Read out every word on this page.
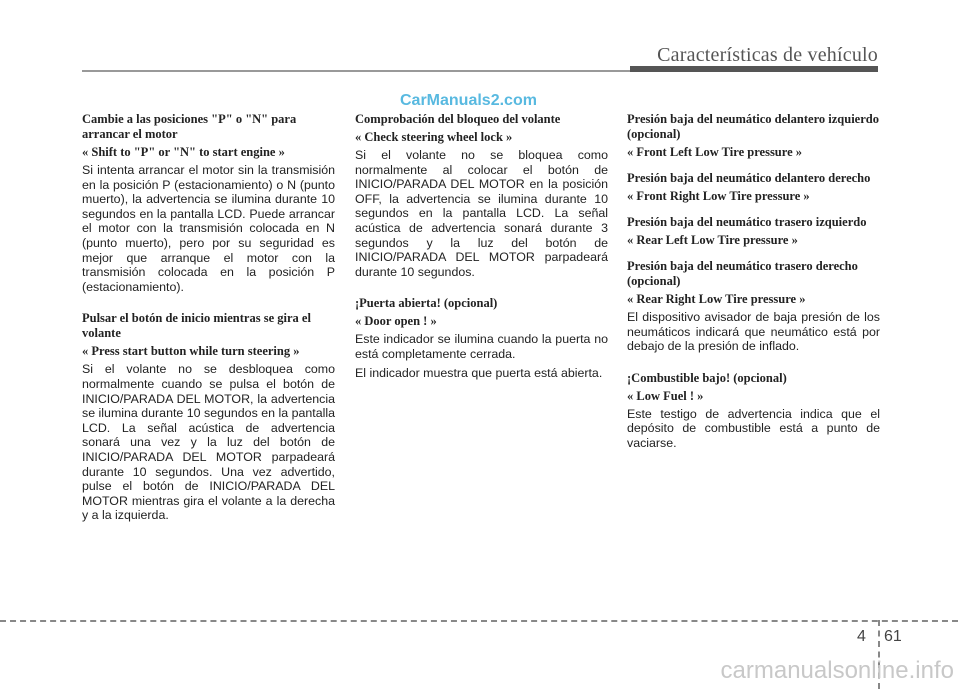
Características de vehículo
CarManuals2.com
Cambie a las posiciones "P" o "N" para arrancar el motor
« Shift to "P" or "N" to start engine »
Si intenta arrancar el motor sin la transmisión en la posición P (estacionamiento) o N (punto muerto), la advertencia se ilumina durante 10 segundos en la pantalla LCD. Puede arrancar el motor con la transmisión colocada en N (punto muerto), pero por su seguridad es mejor que arranque el motor con la transmisión colocada en la posición P (estacionamiento).
Pulsar el botón de inicio mientras se gira el volante
« Press start button while turn steering »
Si el volante no se desbloquea como normalmente cuando se pulsa el botón de INICIO/PARADA DEL MOTOR, la advertencia se ilumina durante 10 segundos en la pantalla LCD. La señal acústica de advertencia sonará una vez y la luz del botón de INICIO/PARADA DEL MOTOR parpadeará durante 10 segundos. Una vez advertido, pulse el botón de INICIO/PARADA DEL MOTOR mientras gira el volante a la derecha y a la izquierda.
Comprobación del bloqueo del volante
« Check steering wheel lock »
Si el volante no se bloquea como normalmente al colocar el botón de INICIO/PARADA DEL MOTOR en la posición OFF, la advertencia se ilumina durante 10 segundos en la pantalla LCD. La señal acústica de advertencia sonará durante 3 segundos y la luz del botón de INICIO/PARADA DEL MOTOR parpadeará durante 10 segundos.
¡Puerta abierta! (opcional)
« Door open ! »
Este indicador se ilumina cuando la puerta no está completamente cerrada.
El indicador muestra que puerta está abierta.
Presión baja del neumático delantero izquierdo (opcional)
« Front Left Low Tire pressure »
Presión baja del neumático delantero derecho
« Front Right Low Tire pressure »
Presión baja del neumático trasero izquierdo
« Rear Left Low Tire pressure »
Presión baja del neumático trasero derecho (opcional)
« Rear Right Low Tire pressure »
El dispositivo avisador de baja presión de los neumáticos indicará que neumático está por debajo de la presión de inflado.
¡Combustible bajo! (opcional)
« Low Fuel ! »
Este testigo de advertencia indica que el depósito de combustible está a punto de vaciarse.
4 61
carmanualsonline.info
